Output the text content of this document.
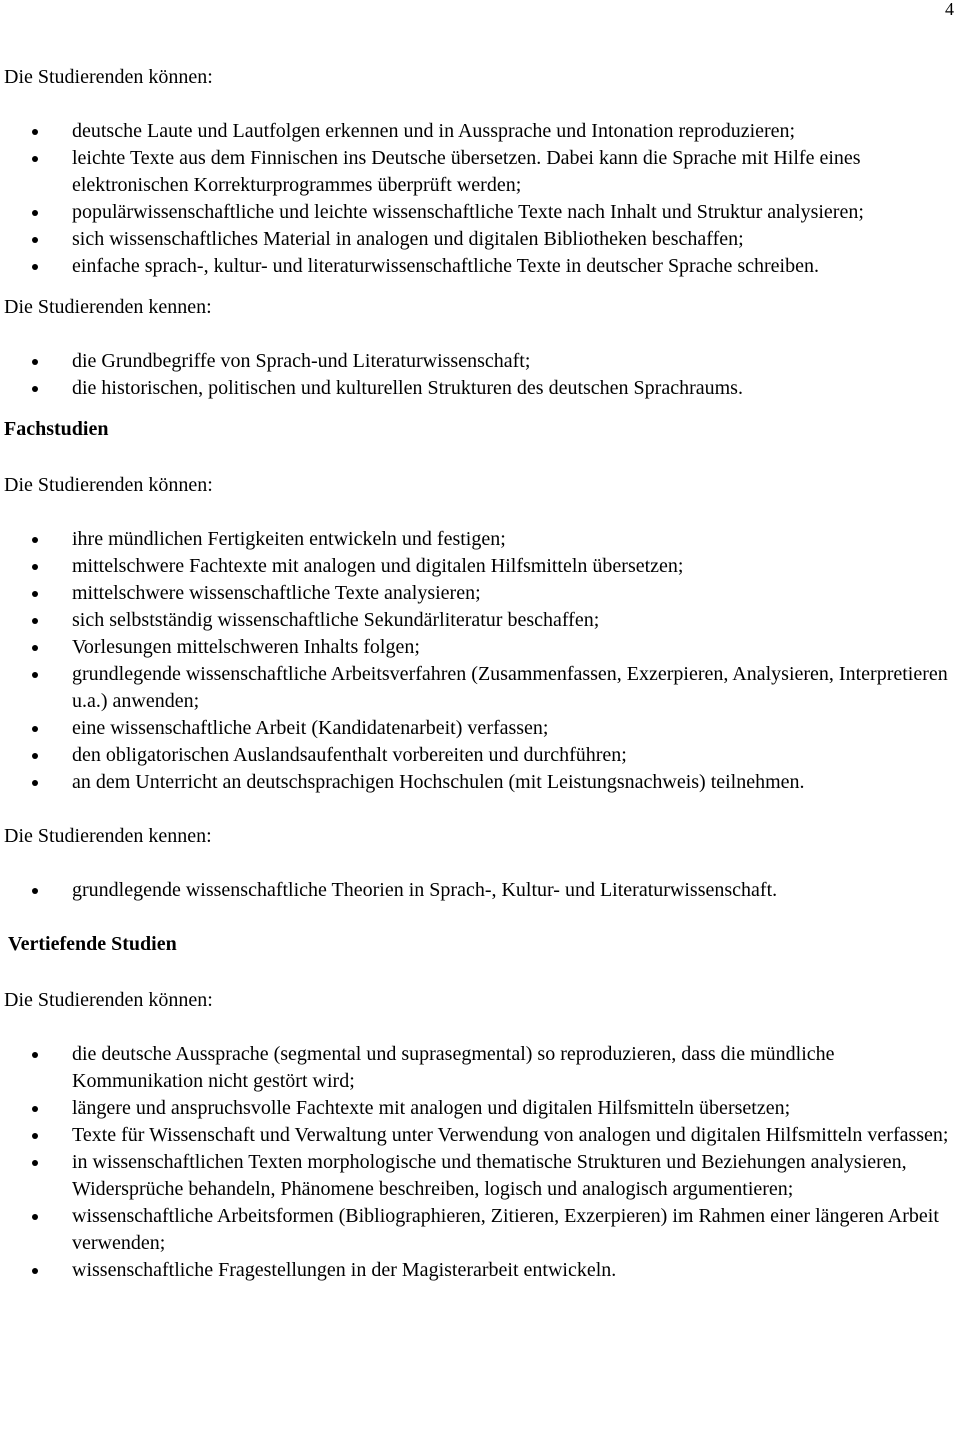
4

Die Studierenden können:

deutsche Laute und Lautfolgen erkennen und in Aussprache und Intonation reproduzieren;
leichte Texte aus dem Finnischen ins Deutsche übersetzen. Dabei kann die Sprache mit Hilfe eines elektronischen Korrekturprogrammes überprüft werden;
populärwissenschaftliche und leichte wissenschaftliche Texte nach Inhalt und Struktur analysieren;
sich wissenschaftliches Material in analogen und digitalen Bibliotheken beschaffen;
einfache sprach-, kultur- und literaturwissenschaftliche Texte in deutscher Sprache schreiben.

Die Studierenden kennen:

die Grundbegriffe von Sprach-und Literaturwissenschaft;
die historischen, politischen und kulturellen Strukturen des deutschen Sprachraums.

Fachstudien

Die Studierenden können:

ihre mündlichen Fertigkeiten entwickeln und festigen;
mittelschwere Fachtexte mit analogen und digitalen Hilfsmitteln übersetzen;
mittelschwere wissenschaftliche Texte analysieren;
sich selbstständig wissenschaftliche Sekundärliteratur beschaffen;
Vorlesungen mittelschweren Inhalts folgen;
grundlegende wissenschaftliche Arbeitsverfahren (Zusammenfassen, Exzerpieren, Analysieren, Interpretieren u.a.) anwenden;
eine wissenschaftliche Arbeit (Kandidatenarbeit) verfassen;
den obligatorischen Auslandsaufenthalt vorbereiten und durchführen;
an dem Unterricht an deutschsprachigen Hochschulen (mit Leistungsnachweis) teilnehmen.

Die Studierenden kennen:

grundlegende wissenschaftliche Theorien in Sprach-, Kultur- und Literaturwissenschaft.

Vertiefende Studien

Die Studierenden können:

die deutsche Aussprache (segmental und suprasegmental) so reproduzieren, dass die mündliche Kommunikation nicht gestört wird;
längere und anspruchsvolle Fachtexte mit analogen und digitalen Hilfsmitteln übersetzen;
Texte für Wissenschaft und Verwaltung unter Verwendung von analogen und digitalen Hilfsmitteln verfassen;
in wissenschaftlichen Texten morphologische und thematische Strukturen und Beziehungen analysieren, Widersprüche behandeln, Phänomene beschreiben, logisch und analogisch argumentieren;
wissenschaftliche Arbeitsformen (Bibliographieren, Zitieren, Exzerpieren) im Rahmen einer längeren Arbeit verwenden;
wissenschaftliche Fragestellungen in der Magisterarbeit entwickeln.
